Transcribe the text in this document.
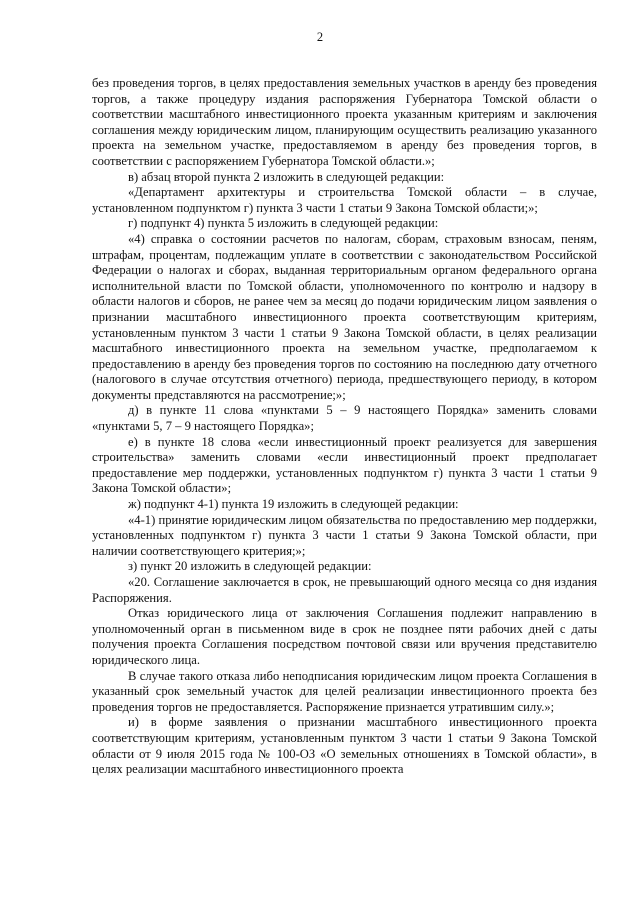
2

без проведения торгов, в целях предоставления земельных участков в аренду без проведения торгов, а также процедуру издания распоряжения Губернатора Томской области о соответствии масштабного инвестиционного проекта указанным критериям и заключения соглашения между юридическим лицом, планирующим осуществить реализацию указанного проекта на земельном участке, предоставляемом в аренду без проведения торгов, в соответствии с распоряжением Губернатора Томской области.»;

в) абзац второй пункта 2 изложить в следующей редакции:

«Департамент архитектуры и строительства Томской области – в случае, установленном подпунктом г) пункта 3 части 1 статьи 9 Закона Томской области;»;

г) подпункт 4) пункта 5 изложить в следующей редакции:

«4) справка о состоянии расчетов по налогам, сборам, страховым взносам, пеням, штрафам, процентам, подлежащим уплате в соответствии с законодательством Российской Федерации о налогах и сборах, выданная территориальным органом федерального органа исполнительной власти по Томской области, уполномоченного по контролю и надзору в области налогов и сборов, не ранее чем за месяц до подачи юридическим лицом заявления о признании масштабного инвестиционного проекта соответствующим критериям, установленным пунктом 3 части 1 статьи 9 Закона Томской области, в целях реализации масштабного инвестиционного проекта на земельном участке, предполагаемом к предоставлению в аренду без проведения торгов по состоянию на последнюю дату отчетного (налогового в случае отсутствия отчетного) периода, предшествующего периоду, в котором документы представляются на рассмотрение;»;

д) в пункте 11 слова «пунктами 5 – 9 настоящего Порядка» заменить словами «пунктами 5, 7 – 9 настоящего Порядка»;

е) в пункте 18 слова «если инвестиционный проект реализуется для завершения строительства» заменить словами «если инвестиционный проект предполагает предоставление мер поддержки, установленных подпунктом г) пункта 3 части 1 статьи 9 Закона Томской области»;

ж) подпункт 4-1) пункта 19 изложить в следующей редакции:

«4-1) принятие юридическим лицом обязательства по предоставлению мер поддержки, установленных подпунктом г) пункта 3 части 1 статьи 9 Закона Томской области, при наличии соответствующего критерия;»;

з) пункт 20 изложить в следующей редакции:

«20. Соглашение заключается в срок, не превышающий одного месяца со дня издания Распоряжения.

Отказ юридического лица от заключения Соглашения подлежит направлению в уполномоченный орган в письменном виде в срок не позднее пяти рабочих дней с даты получения проекта Соглашения посредством почтовой связи или вручения представителю юридического лица.

В случае такого отказа либо неподписания юридическим лицом проекта Соглашения в указанный срок земельный участок для целей реализации инвестиционного проекта без проведения торгов не предоставляется. Распоряжение признается утратившим силу.»;

и) в форме заявления о признании масштабного инвестиционного проекта соответствующим критериям, установленным пунктом 3 части 1 статьи 9 Закона Томской области от 9 июля 2015 года № 100-ОЗ «О земельных отношениях в Томской области», в целях реализации масштабного инвестиционного проекта
